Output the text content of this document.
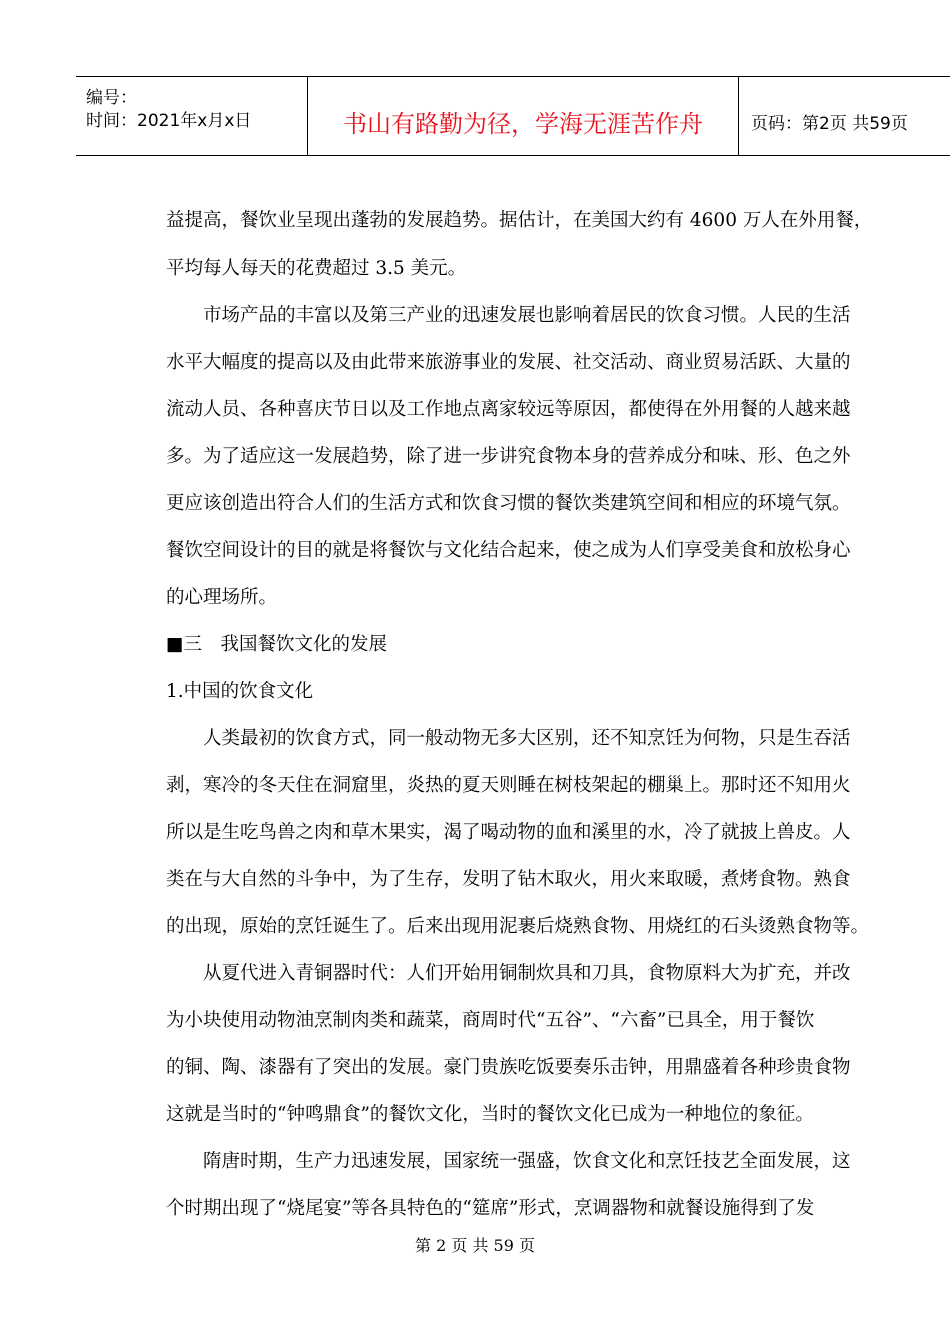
编号：
时间：2021年x月x日	书山有路勤为径，学海无涯苦作舟	页码：第2页 共59页
益提高，餐饮业呈现出蓬勃的发展趋势。据估计，在美国大约有 4600 万人在外用餐，
平均每人每天的花费超过 3.5 美元。
市场产品的丰富以及第三产业的迅速发展也影响着居民的饮食习惯。人民的生活
水平大幅度的提高以及由此带来旅游事业的发展、社交活动、商业贸易活跃、大量的
流动人员、各种喜庆节日以及工作地点离家较远等原因，都使得在外用餐的人越来越
多。为了适应这一发展趋势，除了进一步讲究食物本身的营养成分和味、形、色之外
更应该创造出符合人们的生活方式和饮食习惯的餐饮类建筑空间和相应的环境气氛。
餐饮空间设计的目的就是将餐饮与文化结合起来，使之成为人们享受美食和放松身心
的心理场所。
■三　我国餐饮文化的发展
1.中国的饮食文化
人类最初的饮食方式，同一般动物无多大区别，还不知烹饪为何物，只是生吞活
剥，寒冷的冬天住在洞窟里，炎热的夏天则睡在树枝架起的棚巢上。那时还不知用火
所以是生吃鸟兽之肉和草木果实，渴了喝动物的血和溪里的水，冷了就披上兽皮。人
类在与大自然的斗争中，为了生存，发明了钻木取火，用火来取暖，煮烤食物。熟食
的出现，原始的烹饪诞生了。后来出现用泥裹后烧熟食物、用烧红的石头烫熟食物等。
从夏代进入青铜器时代：人们开始用铜制炊具和刀具，食物原料大为扩充，并改
为小块使用动物油烹制肉类和蔬菜，商周时代“五谷”、“六畜”已具全，用于餐饮
的铜、陶、漆器有了突出的发展。豪门贵族吃饭要奏乐击钟，用鼎盛着各种珍贵食物
这就是当时的“钟鸣鼎食”的餐饮文化，当时的餐饮文化已成为一种地位的象征。
隋唐时期，生产力迅速发展，国家统一强盛，饮食文化和烹饪技艺全面发展，这
个时期出现了“烧尾宴”等各具特色的“筵席”形式，烹调器物和就餐设施得到了发
第 2 页 共 59 页
